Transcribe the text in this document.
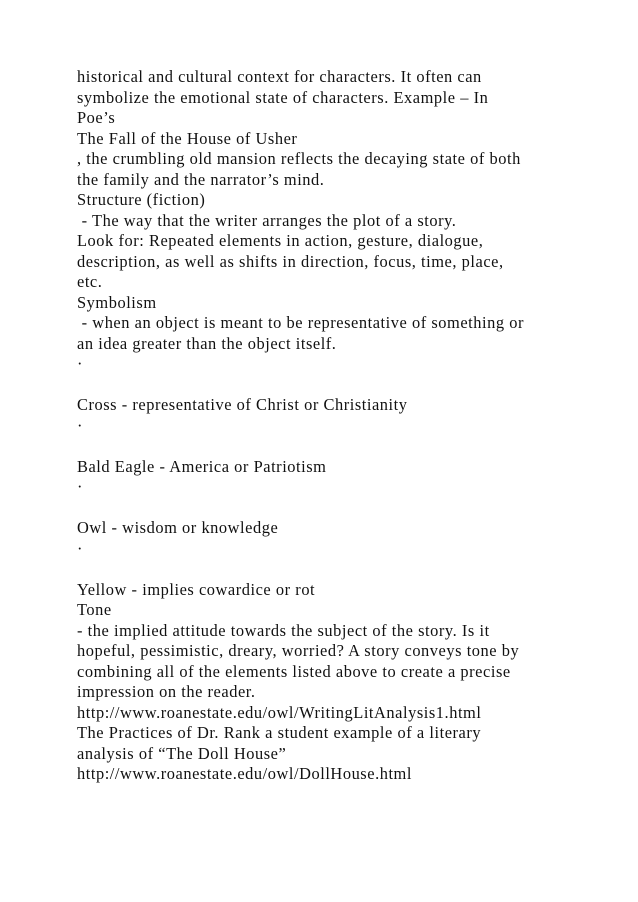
historical and cultural context for characters. It often can
symbolize the emotional state of characters. Example – In
Poe’s
The Fall of the House of Usher
, the crumbling old mansion reflects the decaying state of both
the family and the narrator’s mind.
Structure (fiction)
- The way that the writer arranges the plot of a story.
Look for: Repeated elements in action, gesture, dialogue,
description, as well as shifts in direction, focus, time, place,
etc.
Symbolism
- when an object is meant to be representative of something or
an idea greater than the object itself.
·
Cross - representative of Christ or Christianity
·
Bald Eagle - America or Patriotism
·
Owl - wisdom or knowledge
·
Yellow - implies cowardice or rot
Tone
- the implied attitude towards the subject of the story. Is it
hopeful, pessimistic, dreary, worried? A story conveys tone by
combining all of the elements listed above to create a precise
impression on the reader.
http://www.roanestate.edu/owl/WritingLitAnalysis1.html
The Practices of Dr. Rank a student example of a literary
analysis of “The Doll House”
http://www.roanestate.edu/owl/DollHouse.html
